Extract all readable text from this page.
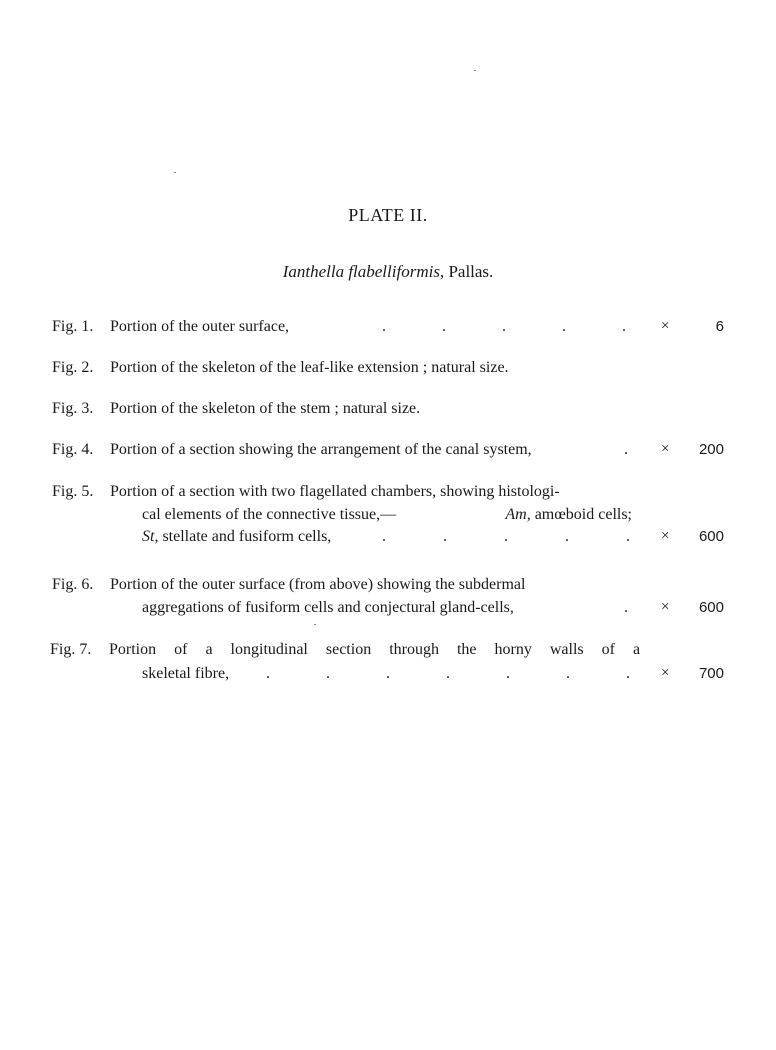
PLATE II.
Ianthella flabelliformis, Pallas.
Fig. 1. Portion of the outer surface,	.	.	.	.	. ×	6
Fig. 2. Portion of the skeleton of the leaf-like extension ; natural size.
Fig. 3. Portion of the skeleton of the stem ; natural size.
Fig. 4. Portion of a section showing the arrangement of the canal system,	. × 200
Fig. 5. Portion of a section with two flagellated chambers, showing histologi-
cal elements of the connective tissue,—	Am,
amœboid cells;
St, stellate and fusiform cells,	.	.	.	.	. × 600
Fig. 6. Portion of the outer surface (from above) showing the subdermal
aggregations of fusiform cells and conjectural gland-cells,	. × 600
Fig. 7. Portion of a longitudinal section through the horny walls of a
skeletal fibre, .	.	.	.	.	.	. × 700
